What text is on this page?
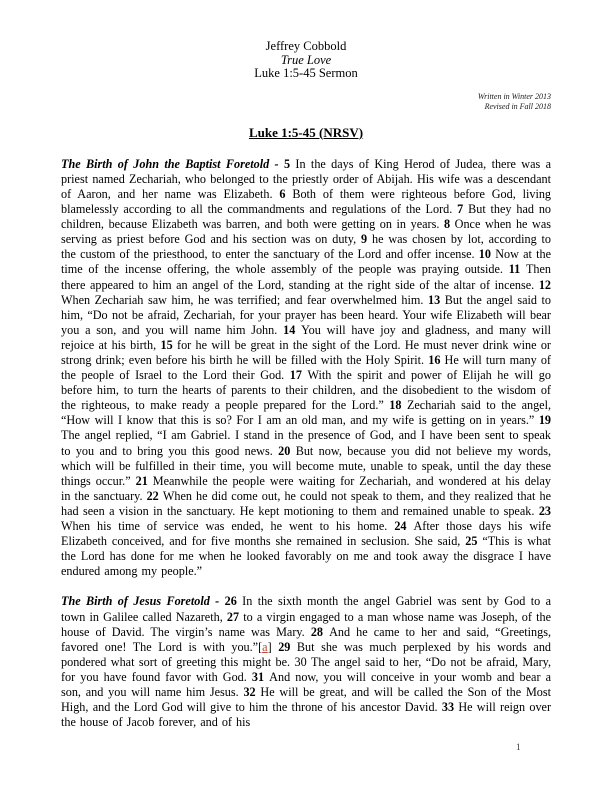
Jeffrey Cobbold
True Love
Luke 1:5-45 Sermon
Written in Winter 2013
Revised in Fall 2018
Luke 1:5-45 (NRSV)

The Birth of John the Baptist Foretold - 5 In the days of King Herod of Judea, there was a priest named Zechariah, who belonged to the priestly order of Abijah. His wife was a descendant of Aaron, and her name was Elizabeth. 6 Both of them were righteous before God, living blamelessly according to all the commandments and regulations of the Lord. 7 But they had no children, because Elizabeth was barren, and both were getting on in years. 8 Once when he was serving as priest before God and his section was on duty, 9 he was chosen by lot, according to the custom of the priesthood, to enter the sanctuary of the Lord and offer incense. 10 Now at the time of the incense offering, the whole assembly of the people was praying outside. 11 Then there appeared to him an angel of the Lord, standing at the right side of the altar of incense. 12 When Zechariah saw him, he was terrified; and fear overwhelmed him. 13 But the angel said to him, “Do not be afraid, Zechariah, for your prayer has been heard. Your wife Elizabeth will bear you a son, and you will name him John. 14 You will have joy and gladness, and many will rejoice at his birth, 15 for he will be great in the sight of the Lord. He must never drink wine or strong drink; even before his birth he will be filled with the Holy Spirit. 16 He will turn many of the people of Israel to the Lord their God. 17 With the spirit and power of Elijah he will go before him, to turn the hearts of parents to their children, and the disobedient to the wisdom of the righteous, to make ready a people prepared for the Lord.” 18 Zechariah said to the angel, “How will I know that this is so? For I am an old man, and my wife is getting on in years.” 19 The angel replied, “I am Gabriel. I stand in the presence of God, and I have been sent to speak to you and to bring you this good news. 20 But now, because you did not believe my words, which will be fulfilled in their time, you will become mute, unable to speak, until the day these things occur.” 21 Meanwhile the people were waiting for Zechariah, and wondered at his delay in the sanctuary. 22 When he did come out, he could not speak to them, and they realized that he had seen a vision in the sanctuary. He kept motioning to them and remained unable to speak. 23 When his time of service was ended, he went to his home. 24 After those days his wife Elizabeth conceived, and for five months she remained in seclusion. She said, 25 “This is what the Lord has done for me when he looked favorably on me and took away the disgrace I have endured among my people.”

The Birth of Jesus Foretold - 26 In the sixth month the angel Gabriel was sent by God to a town in Galilee called Nazareth, 27 to a virgin engaged to a man whose name was Joseph, of the house of David. The virgin’s name was Mary. 28 And he came to her and said, “Greetings, favored one! The Lord is with you.”[a] 29 But she was much perplexed by his words and pondered what sort of greeting this might be. 30 The angel said to her, “Do not be afraid, Mary, for you have found favor with God. 31 And now, you will conceive in your womb and bear a son, and you will name him Jesus. 32 He will be great, and will be called the Son of the Most High, and the Lord God will give to him the throne of his ancestor David. 33 He will reign over the house of Jacob forever, and of his

1
